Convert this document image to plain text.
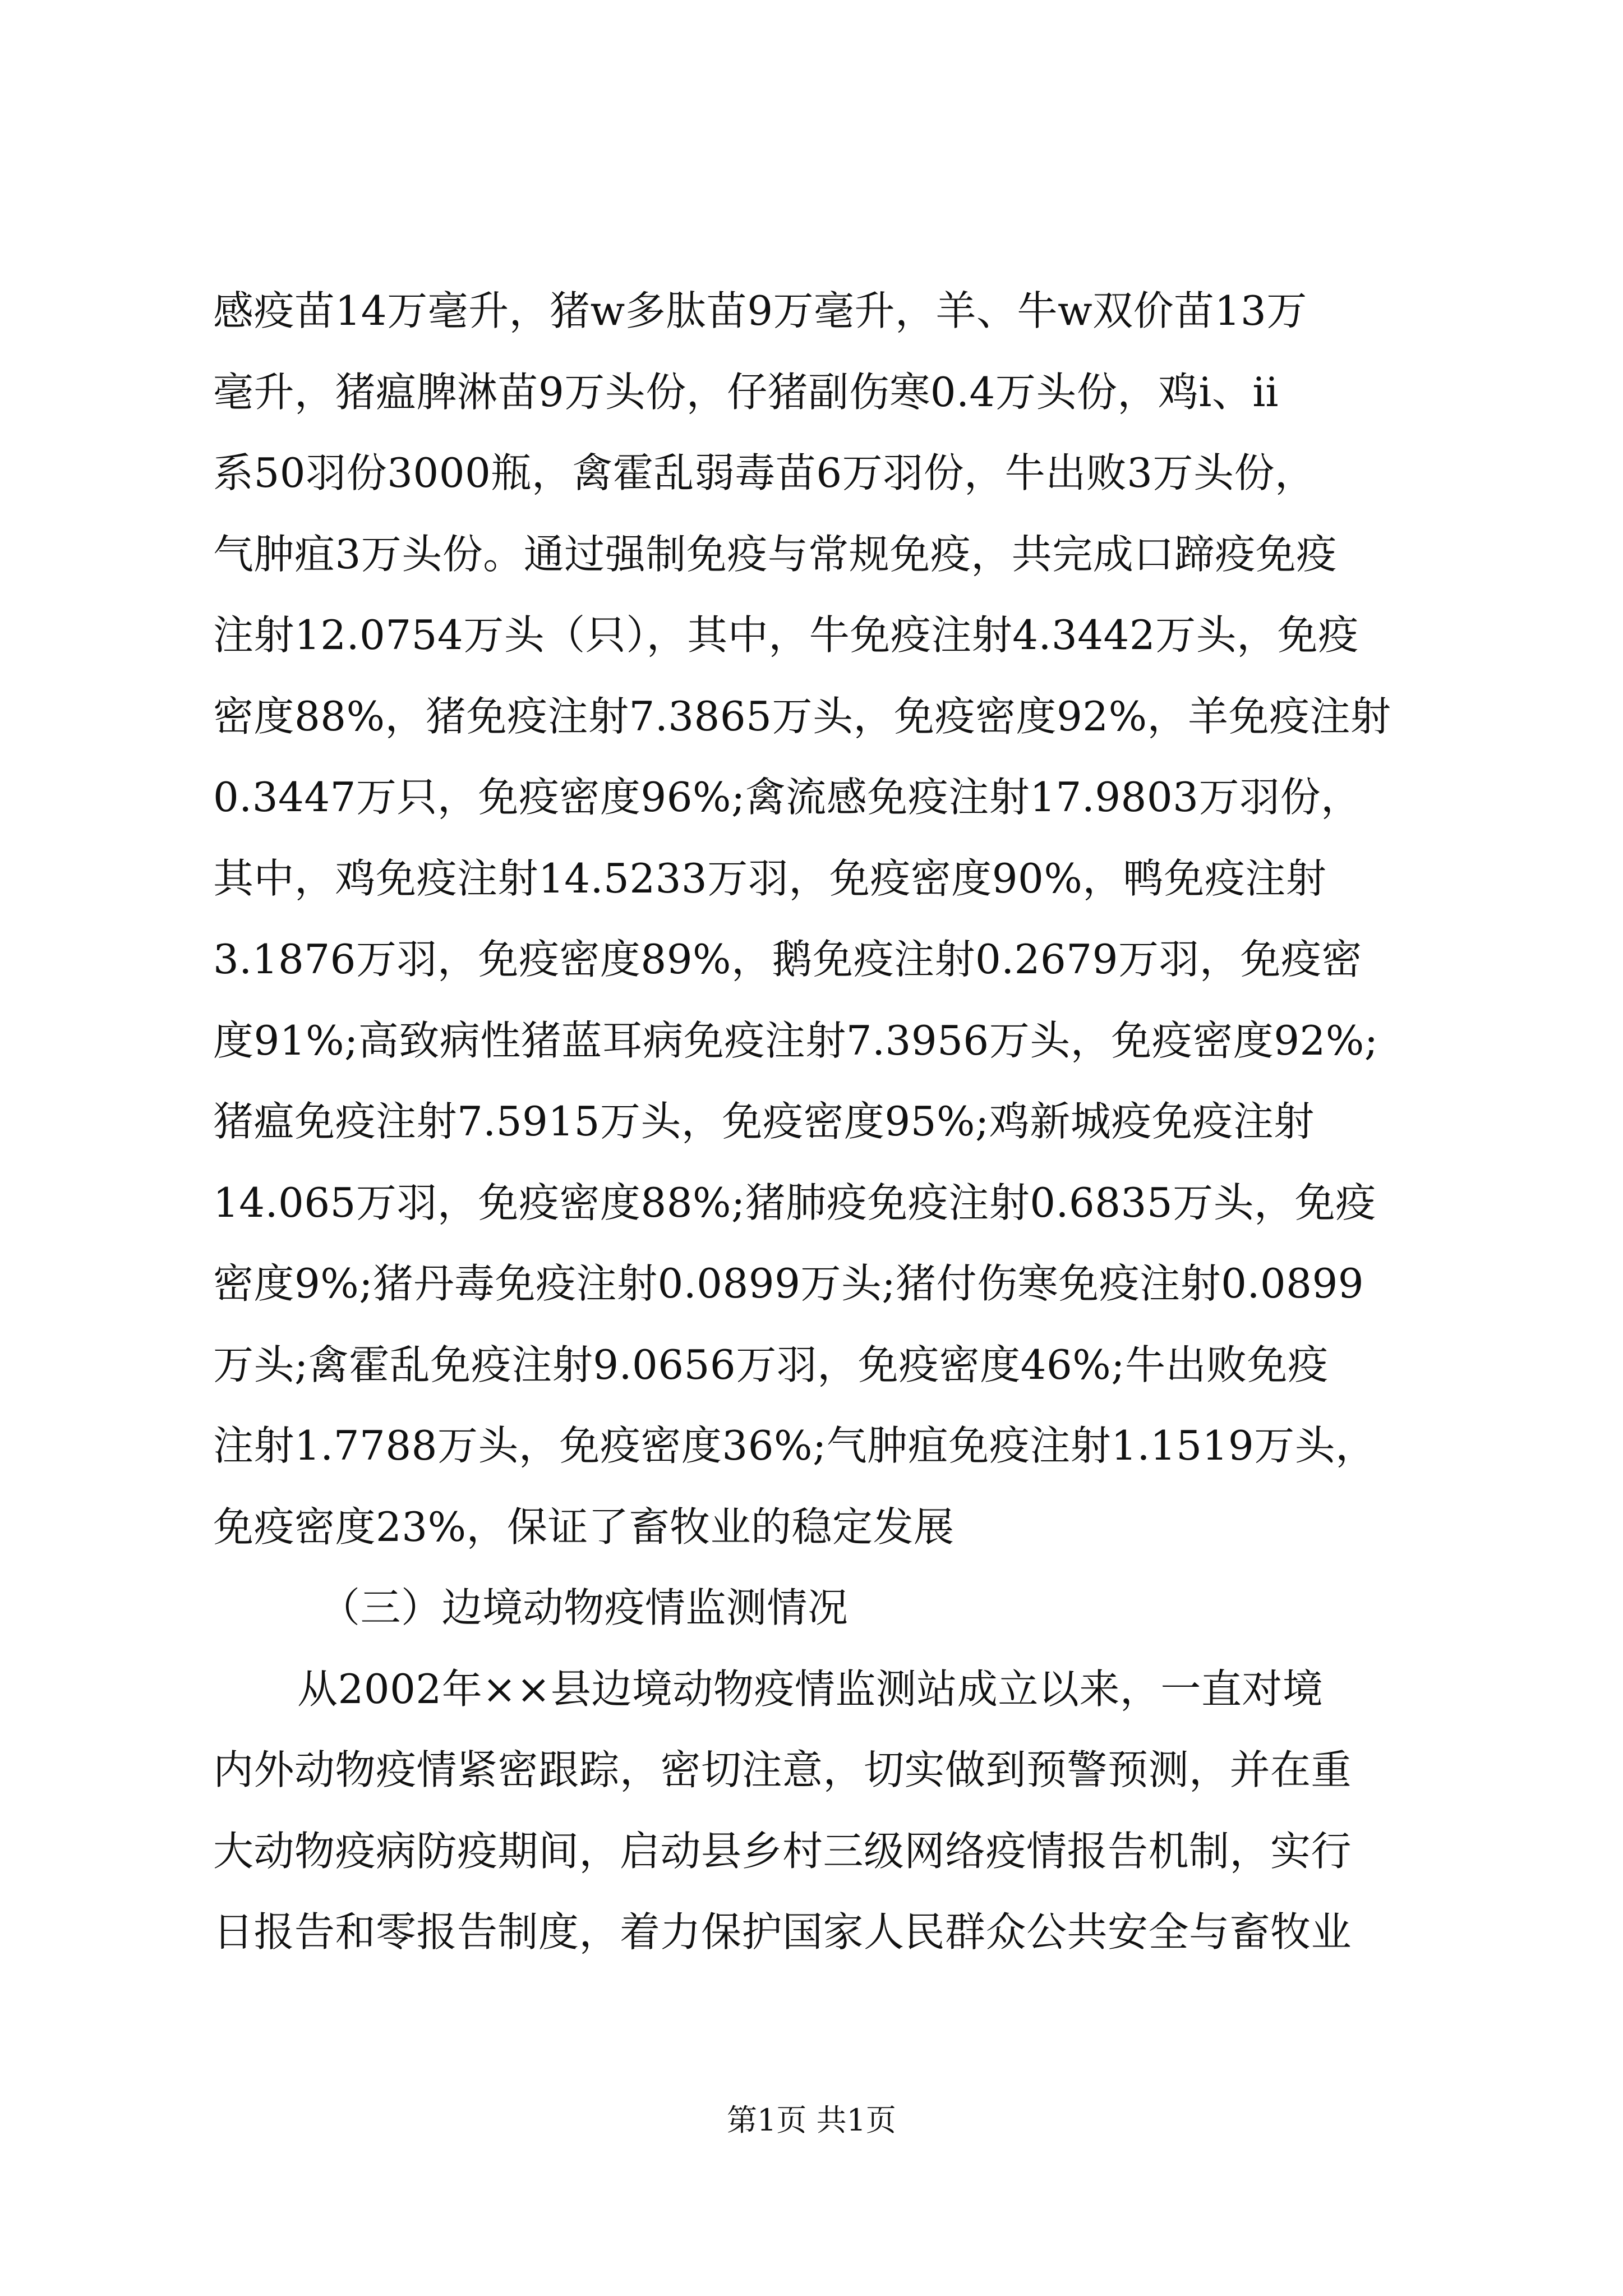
感疫苗14万毫升，猪w多肽苗9万毫升，羊、牛w双价苗13万
毫升，猪瘟脾淋苗9万头份，仔猪副伤寒0.4万头份，鸡ⅰ、ⅱ
系50羽份3000瓶，禽霍乱弱毒苗6万羽份，牛出败3万头份，
气肿疽3万头份。通过强制免疫与常规免疫，共完成口蹄疫免疫
注射12.0754万头（只），其中，牛免疫注射4.3442万头，免疫
密度88%，猪免疫注射7.3865万头，免疫密度92%，羊免疫注射
0.3447万只，免疫密度96%;禽流感免疫注射17.9803万羽份，
其中，鸡免疫注射14.5233万羽，免疫密度90%，鸭免疫注射
3.1876万羽，免疫密度89%，鹅免疫注射0.2679万羽，免疫密
度91%;高致病性猪蓝耳病免疫注射7.3956万头，免疫密度92%;
猪瘟免疫注射7.5915万头，免疫密度95%;鸡新城疫免疫注射
14.065万羽，免疫密度88%;猪肺疫免疫注射0.6835万头，免疫
密度9%;猪丹毒免疫注射0.0899万头;猪付伤寒免疫注射0.0899
万头;禽霍乱免疫注射9.0656万羽，免疫密度46%;牛出败免疫
注射1.7788万头，免疫密度36%;气肿疽免疫注射1.1519万头，
免疫密度23%，保证了畜牧业的稳定发展
（三）边境动物疫情监测情况
从2002年××县边境动物疫情监测站成立以来，一直对境
内外动物疫情紧密跟踪，密切注意，切实做到预警预测，并在重
大动物疫病防疫期间，启动县乡村三级网络疫情报告机制，实行
日报告和零报告制度，着力保护国家人民群众公共安全与畜牧业
第1页 共1页
